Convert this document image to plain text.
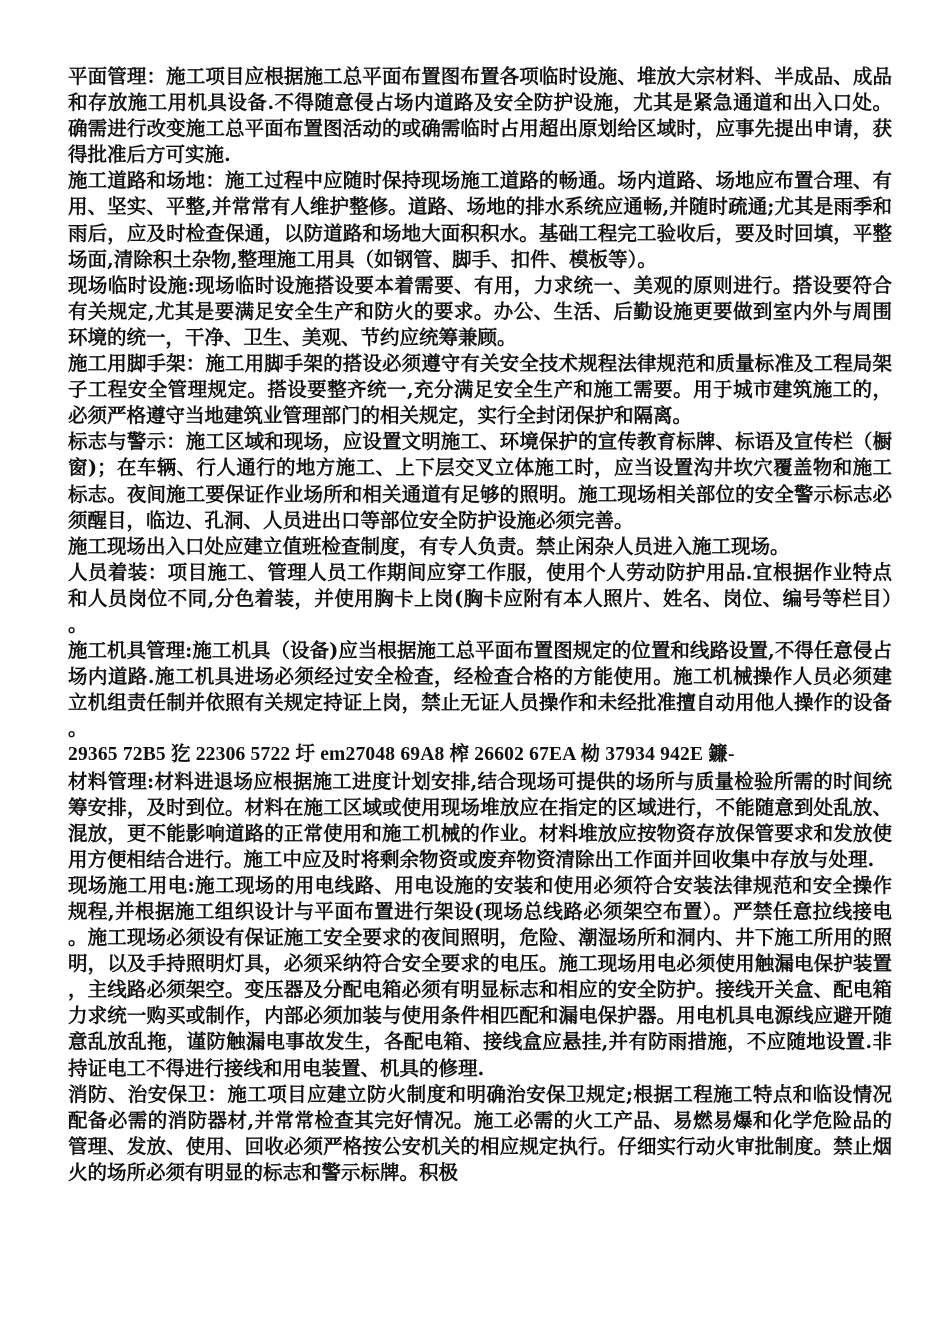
平面管理：施工项目应根据施工总平面布置图布置各项临时设施、堆放大宗材料、半成品、成品和存放施工用机具设备.不得随意侵占场内道路及安全防护设施，尤其是紧急通道和出入口处。确需进行改变施工总平面布置图活动的或确需临时占用超出原划给区域时，应事先提出申请，获得批准后方可实施.

施工道路和场地：施工过程中应随时保持现场施工道路的畅通。场内道路、场地应布置合理、有用、坚实、平整,并常常有人维护整修。道路、场地的排水系统应通畅,并随时疏通;尤其是雨季和雨后，应及时检查保通，以防道路和场地大面积积水。基础工程完工验收后，要及时回填，平整场面,清除积土杂物,整理施工用具（如钢管、脚手、扣件、模板等）。

现场临时设施:现场临时设施搭设要本着需要、有用，力求统一、美观的原则进行。搭设要符合有关规定,尤其是要满足安全生产和防火的要求。办公、生活、后勤设施更要做到室内外与周围环境的统一，干净、卫生、美观、节约应统筹兼顾。

施工用脚手架：施工用脚手架的搭设必须遵守有关安全技术规程法律规范和质量标准及工程局架子工程安全管理规定。搭设要整齐统一,充分满足安全生产和施工需要。用于城市建筑施工的，必须严格遵守当地建筑业管理部门的相关规定，实行全封闭保护和隔离。

标志与警示：施工区域和现场，应设置文明施工、环境保护的宣传教育标牌、标语及宣传栏（橱窗)；在车辆、行人通行的地方施工、上下层交叉立体施工时，应当设置沟井坎穴覆盖物和施工标志。夜间施工要保证作业场所和相关通道有足够的照明。施工现场相关部位的安全警示标志必须醒目，临边、孔洞、人员进出口等部位安全防护设施必须完善。

施工现场出入口处应建立值班检查制度，有专人负责。禁止闲杂人员进入施工现场。

人员着装：项目施工、管理人员工作期间应穿工作服，使用个人劳动防护用品.宜根据作业特点和人员岗位不同,分色着装，并使用胸卡上岗(胸卡应附有本人照片、姓名、岗位、编号等栏目）。

施工机具管理:施工机具（设备)应当根据施工总平面布置图规定的位置和线路设置,不得任意侵占场内道路.施工机具进场必须经过安全检查，经检查合格的方能使用。施工机械操作人员必须建立机组责任制并依照有关规定持证上岗，禁止无证人员操作和未经批准擅自动用他人操作的设备。

29365 72B5 犵 22306 5722 圩 em27048 69A8 榨 26602 67EA 柪 37934 942E 鐮-

材料管理:材料进退场应根据施工进度计划安排,结合现场可提供的场所与质量检验所需的时间统筹安排，及时到位。材料在施工区域或使用现场堆放应在指定的区域进行，不能随意到处乱放、混放，更不能影响道路的正常使用和施工机械的作业。材料堆放应按物资存放保管要求和发放使用方便相结合进行。施工中应及时将剩余物资或废弃物资清除出工作面并回收集中存放与处理.

现场施工用电:施工现场的用电线路、用电设施的安装和使用必须符合安装法律规范和安全操作规程,并根据施工组织设计与平面布置进行架设(现场总线路必须架空布置）。严禁任意拉线接电。施工现场必须设有保证施工安全要求的夜间照明，危险、潮湿场所和洞内、井下施工所用的照明，以及手持照明灯具，必须采纳符合安全要求的电压。施工现场用电必须使用触漏电保护装置，主线路必须架空。变压器及分配电箱必须有明显标志和相应的安全防护。接线开关盒、配电箱力求统一购买或制作，内部必须加装与使用条件相匹配和漏电保护器。用电机具电源线应避开随意乱放乱拖，谨防触漏电事故发生，各配电箱、接线盒应悬挂,并有防雨措施，不应随地设置.非持证电工不得进行接线和用电装置、机具的修理.

消防、治安保卫：施工项目应建立防火制度和明确治安保卫规定;根据工程施工特点和临设情况配备必需的消防器材,并常常检查其完好情况。施工必需的火工产品、易燃易爆和化学危险品的管理、发放、使用、回收必须严格按公安机关的相应规定执行。仔细实行动火审批制度。禁止烟火的场所必须有明显的标志和警示标牌。积极
